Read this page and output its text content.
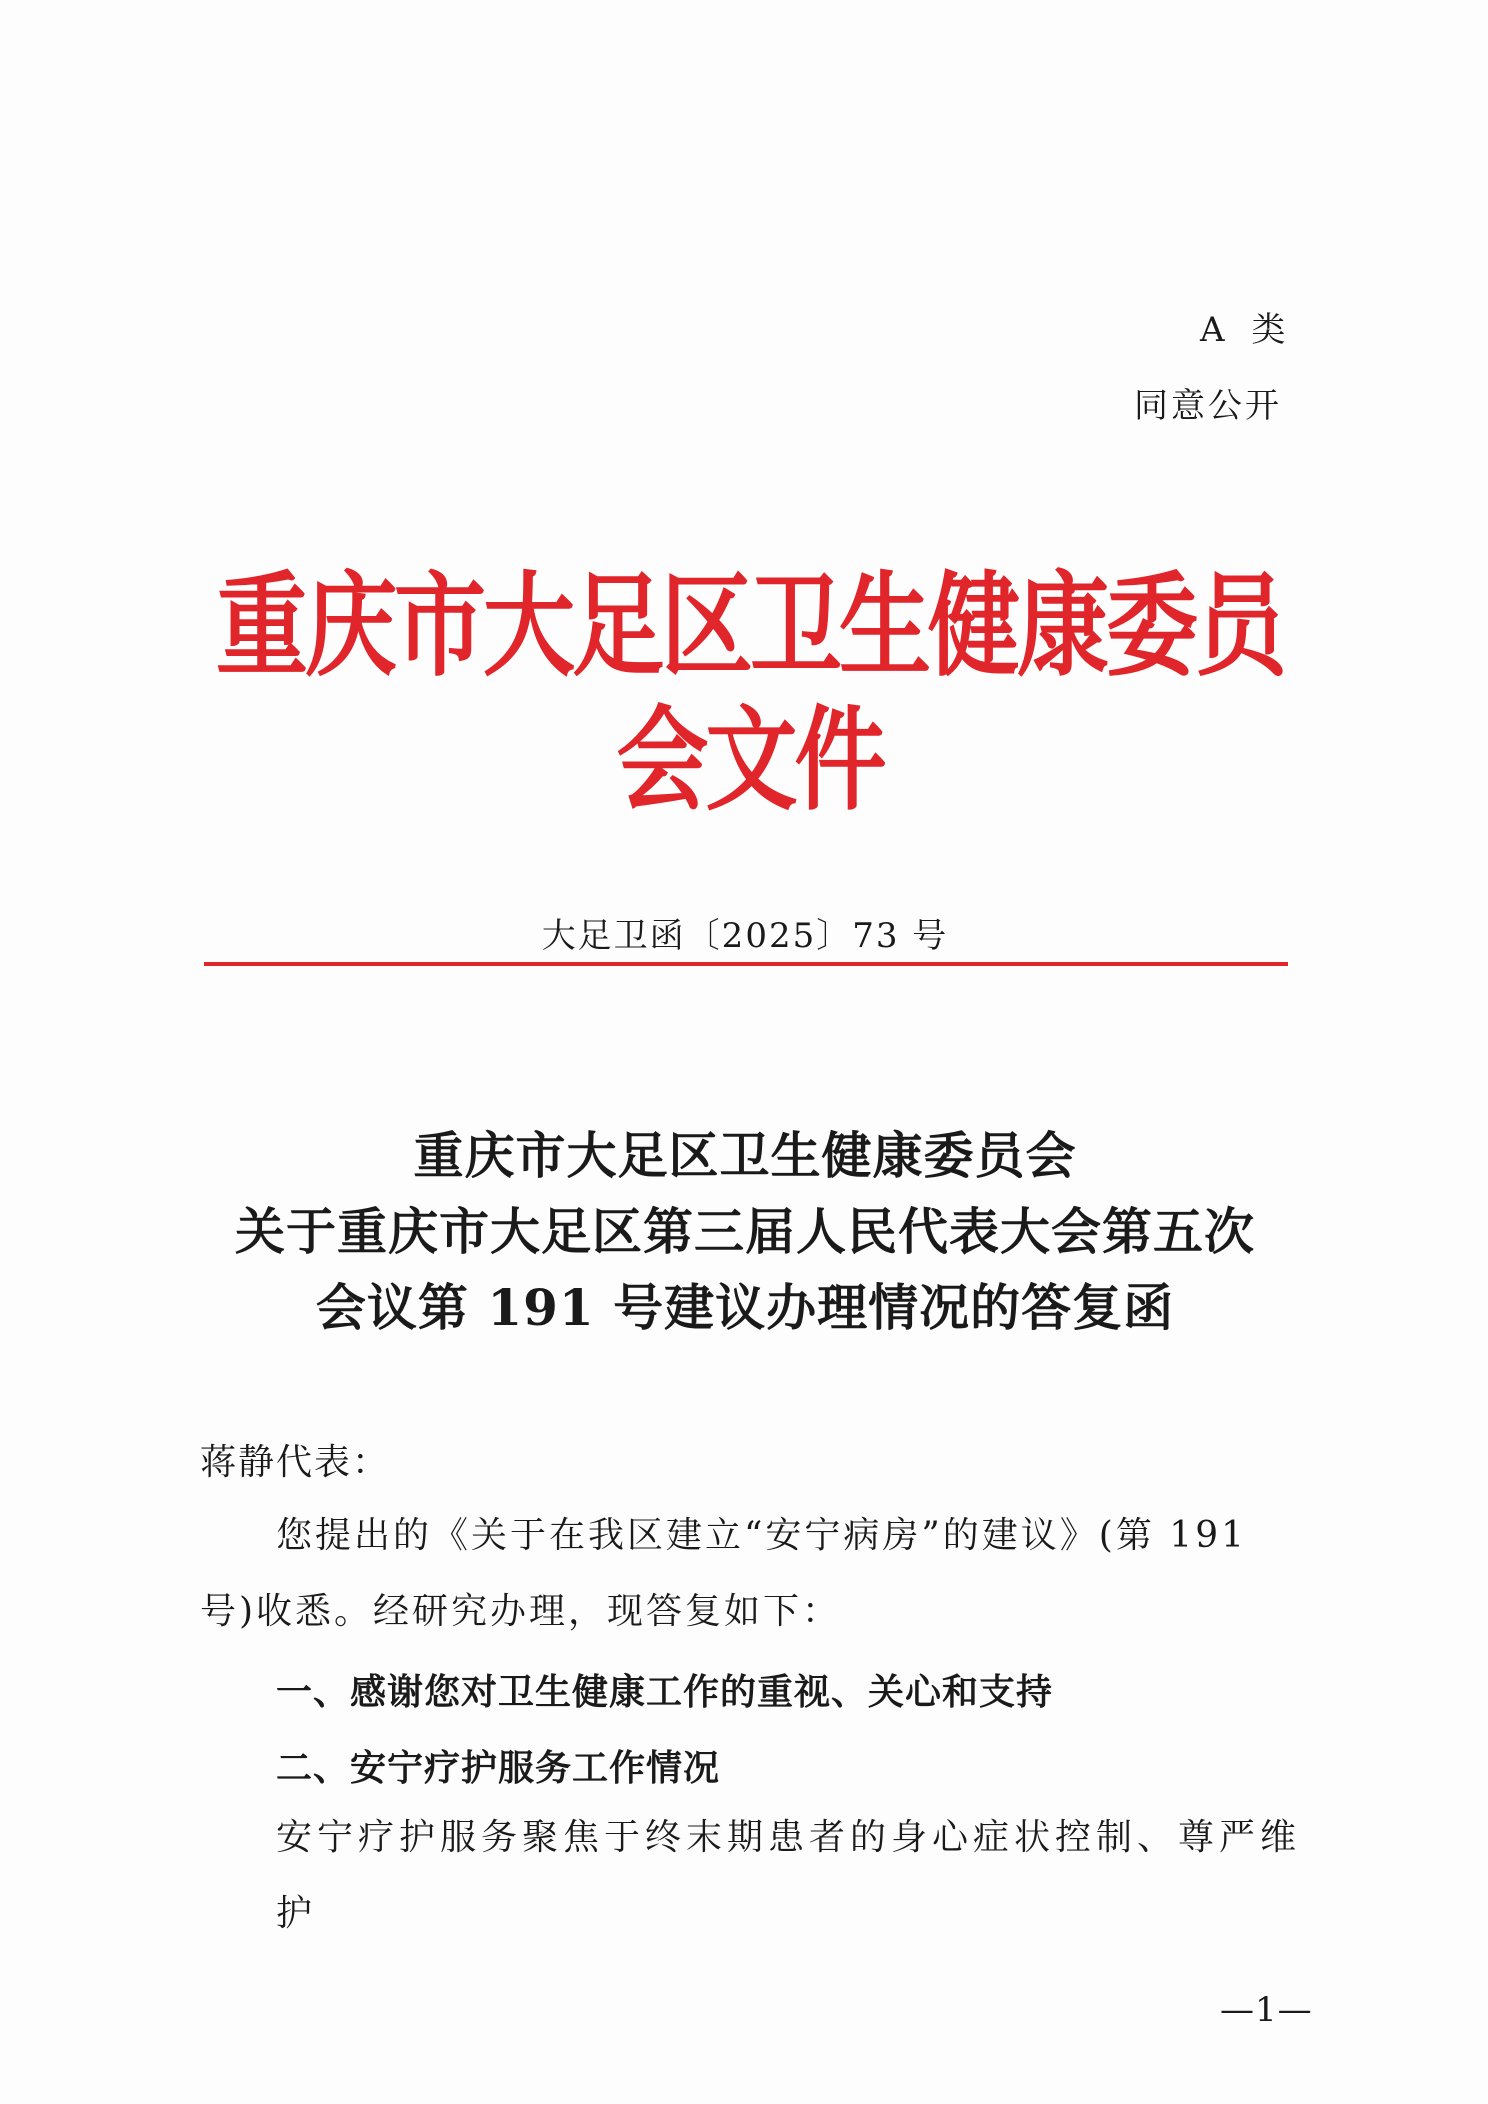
A 类
同意公开
重庆市大足区卫生健康委员会文件
大足卫函〔2025〕73 号
重庆市大足区卫生健康委员会
关于重庆市大足区第三届人民代表大会第五次
会议第 191 号建议办理情况的答复函
蒋静代表：
您提出的《关于在我区建立“安宁病房”的建议》(第 191 号)收悉。经研究办理，现答复如下：
一、感谢您对卫生健康工作的重视、关心和支持
二、安宁疗护服务工作情况
安宁疗护服务聚焦于终末期患者的身心症状控制、尊严维护
—1—
